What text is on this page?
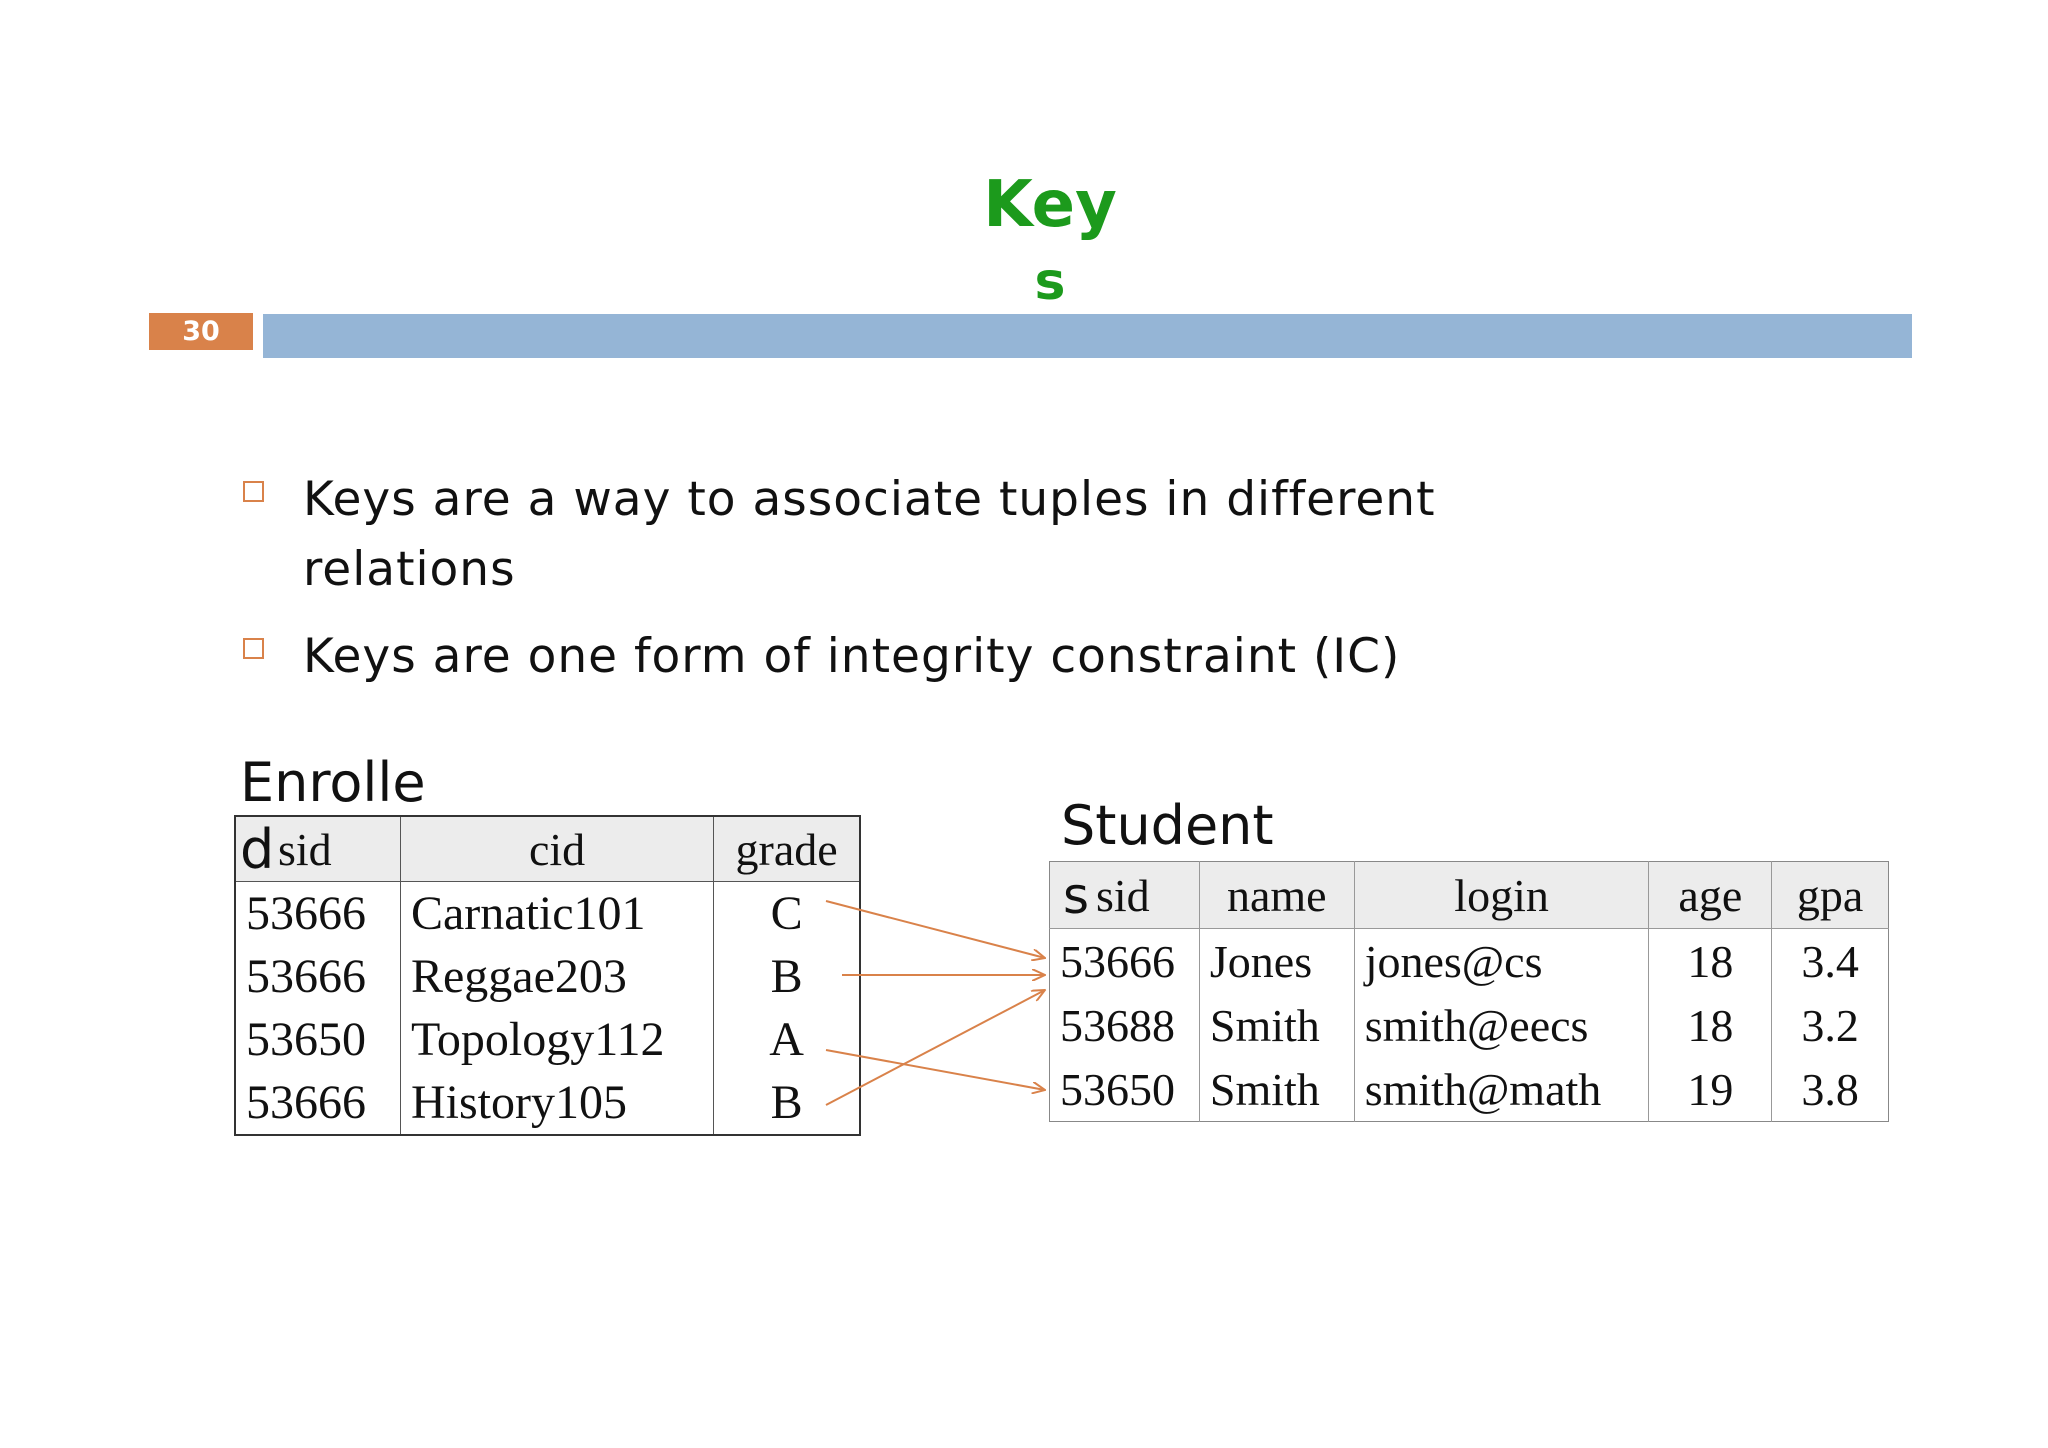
Key
s
30
Keys are a way to associate tuples in different relations
Keys are one form of integrity constraint (IC)
Enrolle
sid	cid	grade
53666	Carnatic101	C
53666	Reggae203	B
53650	Topology112	A
53666	History105	B
d	Student
sid	name	login	age	gpa
53666	Jones	jones@cs	18	3.4
53688	Smith	smith@eecs	18	3.2
53650	Smith	smith@math	19	3.8
s
